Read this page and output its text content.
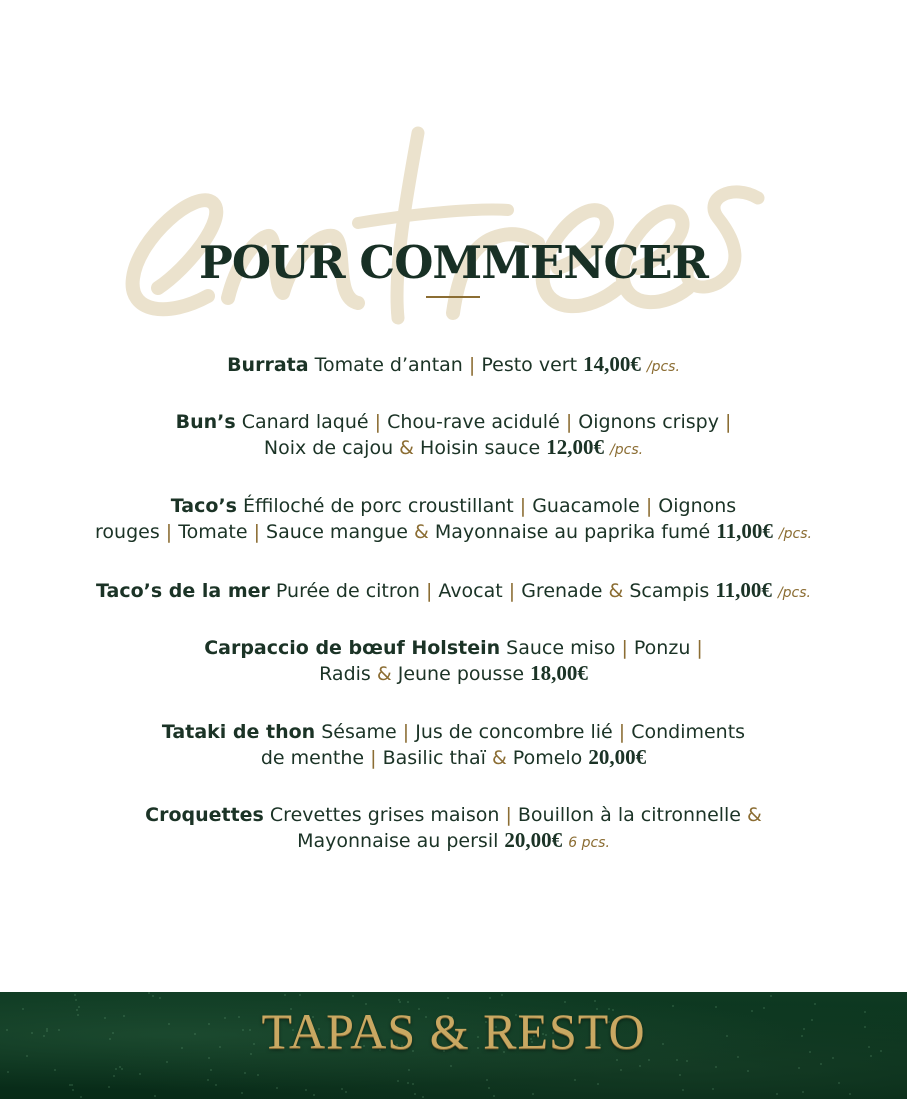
POUR COMMENCER
Burrata Tomate d’antan | Pesto vert 14,00€ /pcs.
Bun’s Canard laqué | Chou-rave acidulé | Oignons crispy |
Noix de cajou & Hoisin sauce 12,00€ /pcs.
Taco’s Éffiloché de porc croustillant | Guacamole | Oignons
rouges | Tomate | Sauce mangue & Mayonnaise au paprika fumé 11,00€ /pcs.
Taco’s de la mer Purée de citron | Avocat | Grenade & Scampis 11,00€ /pcs.
Carpaccio de bœuf Holstein Sauce miso | Ponzu |
Radis & Jeune pousse 18,00€
Tataki de thon Sésame | Jus de concombre lié | Condiments
de menthe | Basilic thaï & Pomelo 20,00€
Croquettes Crevettes grises maison | Bouillon à la citronnelle &
Mayonnaise au persil 20,00€ 6 pcs.
TAPAS & RESTO
